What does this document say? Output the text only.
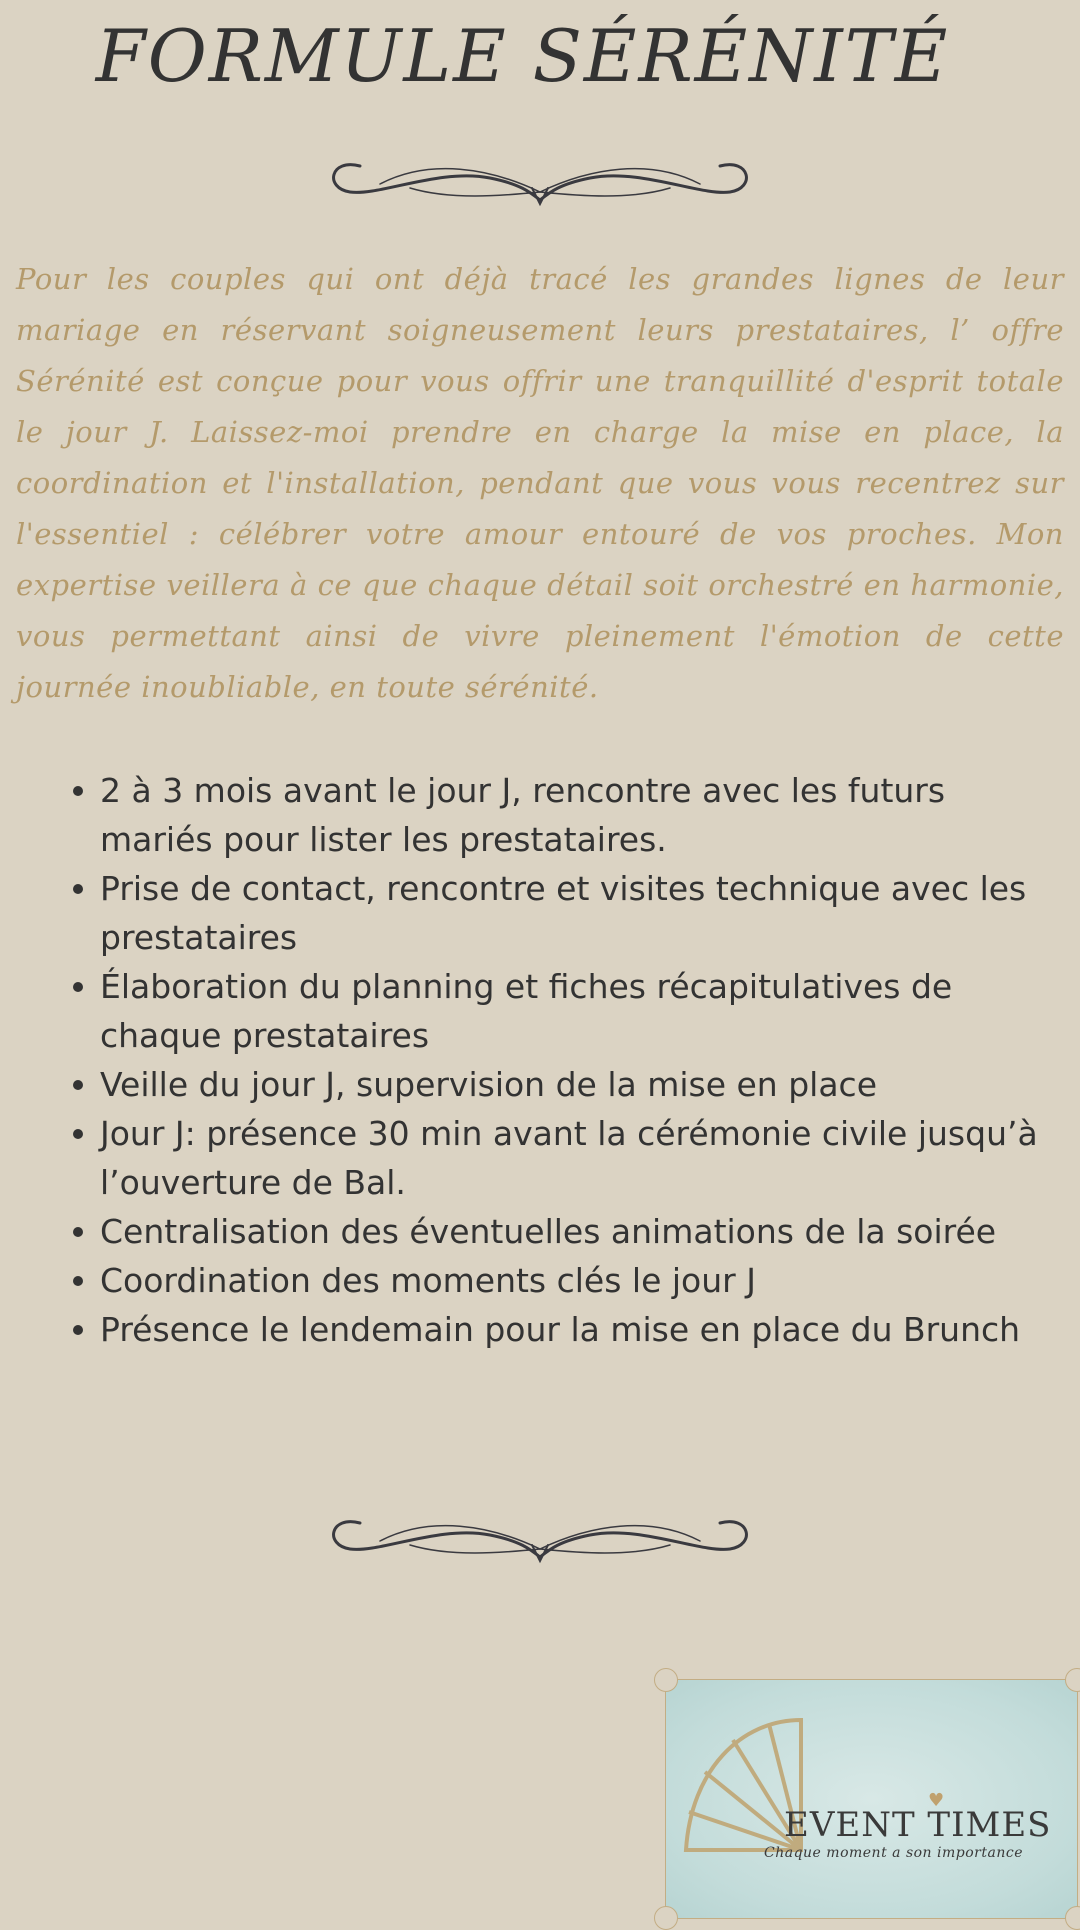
FORMULE SÉRÉNITÉ

Pour les couples qui ont déjà tracé les grandes lignes de leur mariage en réservant soigneusement leurs prestataires, l’ offre Sérénité est conçue pour vous offrir une tranquillité d'esprit totale le jour J. Laissez-moi prendre en charge la mise en place, la coordination et l'installation, pendant que vous vous recentrez sur l'essentiel : célébrer votre amour entouré de vos proches. Mon expertise veillera à ce que chaque détail soit orchestré en harmonie, vous permettant ainsi de vivre pleinement l'émotion de cette journée inoubliable, en toute sérénité.

2 à 3 mois avant le jour J, rencontre avec les futurs mariés pour lister les prestataires.
Prise de contact, rencontre et visites technique avec les prestataires
Élaboration du planning et fiches récapitulatives de chaque prestataires
Veille du jour J, supervision de la mise en place
Jour J: présence 30 min avant la cérémonie civile jusqu’à l’ouverture de Bal.
Centralisation des éventuelles animations de la soirée
Coordination des moments clés le jour J
Présence le lendemain pour la mise en place du Brunch
♥
EVENT TIMES
Chaque moment a son importance
